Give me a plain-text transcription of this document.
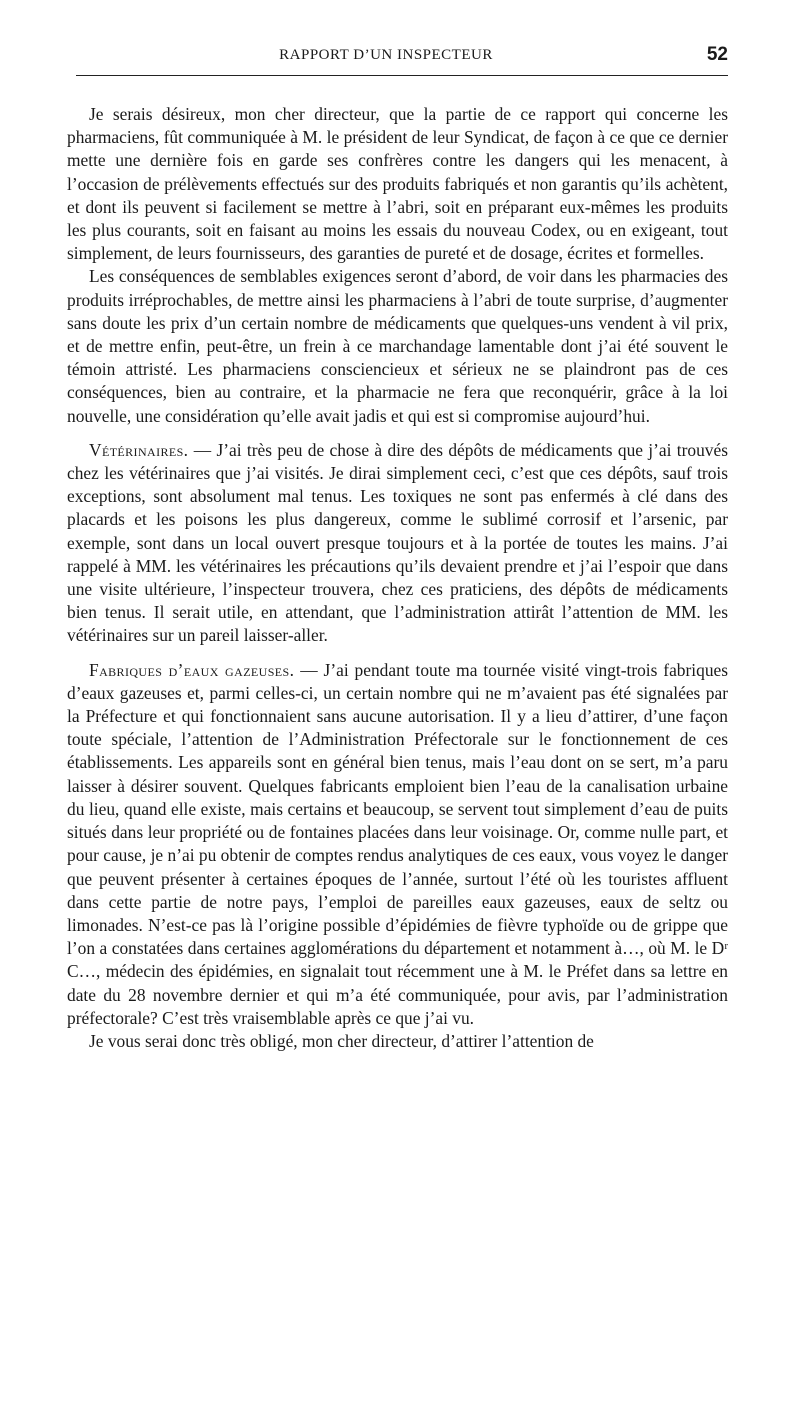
RAPPORT D’UN INSPECTEUR	52

Je serais désireux, mon cher directeur, que la partie de ce rapport qui concerne les pharmaciens, fût communiquée à M. le président de leur Syndicat, de façon à ce que ce dernier mette une dernière fois en garde ses confrères contre les dangers qui les menacent, à l’occasion de prélèvements effectués sur des produits fabriqués et non garantis qu’ils achètent, et dont ils peuvent si facilement se mettre à l’abri, soit en préparant eux-mêmes les produits les plus courants, soit en faisant au moins les essais du nouveau Codex, ou en exigeant, tout simplement, de leurs fournisseurs, des garanties de pureté et de dosage, écrites et formelles.

Les conséquences de semblables exigences seront d’abord, de voir dans les pharmacies des produits irréprochables, de mettre ainsi les pharmaciens à l’abri de toute surprise, d’augmenter sans doute les prix d’un certain nombre de médicaments que quelques-uns vendent à vil prix, et de mettre enfin, peut-être, un frein à ce marchandage lamentable dont j’ai été souvent le témoin attristé. Les pharmaciens consciencieux et sérieux ne se plaindront pas de ces conséquences, bien au contraire, et la pharmacie ne fera que reconquérir, grâce à la loi nouvelle, une considération qu’elle avait jadis et qui est si compromise aujourd’hui.

Vétérinaires. — J’ai très peu de chose à dire des dépôts de médicaments que j’ai trouvés chez les vétérinaires que j’ai visités. Je dirai simplement ceci, c’est que ces dépôts, sauf trois exceptions, sont absolument mal tenus. Les toxiques ne sont pas enfermés à clé dans des placards et les poisons les plus dangereux, comme le sublimé corrosif et l’arsenic, par exemple, sont dans un local ouvert presque toujours et à la portée de toutes les mains. J’ai rappelé à MM. les vétérinaires les précautions qu’ils devaient prendre et j’ai l’espoir que dans une visite ultérieure, l’inspecteur trouvera, chez ces praticiens, des dépôts de médicaments bien tenus. Il serait utile, en attendant, que l’administration attirât l’attention de MM. les vétérinaires sur un pareil laisser-aller.

Fabriques d’eaux gazeuses. — J’ai pendant toute ma tournée visité vingt-trois fabriques d’eaux gazeuses et, parmi celles-ci, un certain nombre qui ne m’avaient pas été signalées par la Préfecture et qui fonctionnaient sans aucune autorisation. Il y a lieu d’attirer, d’une façon toute spéciale, l’attention de l’Administration Préfectorale sur le fonctionnement de ces établissements. Les appareils sont en général bien tenus, mais l’eau dont on se sert, m’a paru laisser à désirer souvent. Quelques fabricants emploient bien l’eau de la canalisation urbaine du lieu, quand elle existe, mais certains et beaucoup, se servent tout simplement d’eau de puits situés dans leur propriété ou de fontaines placées dans leur voisinage. Or, comme nulle part, et pour cause, je n’ai pu obtenir de comptes rendus analytiques de ces eaux, vous voyez le danger que peuvent présenter à certaines époques de l’année, surtout l’été où les touristes affluent dans cette partie de notre pays, l’emploi de pareilles eaux gazeuses, eaux de seltz ou limonades. N’est-ce pas là l’origine possible d’épidémies de fièvre typhoïde ou de grippe que l’on a constatées dans certaines agglomérations du département et notamment à…, où M. le Dʳ C…, médecin des épidémies, en signalait tout récemment une à M. le Préfet dans sa lettre en date du 28 novembre dernier et qui m’a été communiquée, pour avis, par l’administration préfectorale? C’est très vraisemblable après ce que j’ai vu.

Je vous serai donc très obligé, mon cher directeur, d’attirer l’attention de
